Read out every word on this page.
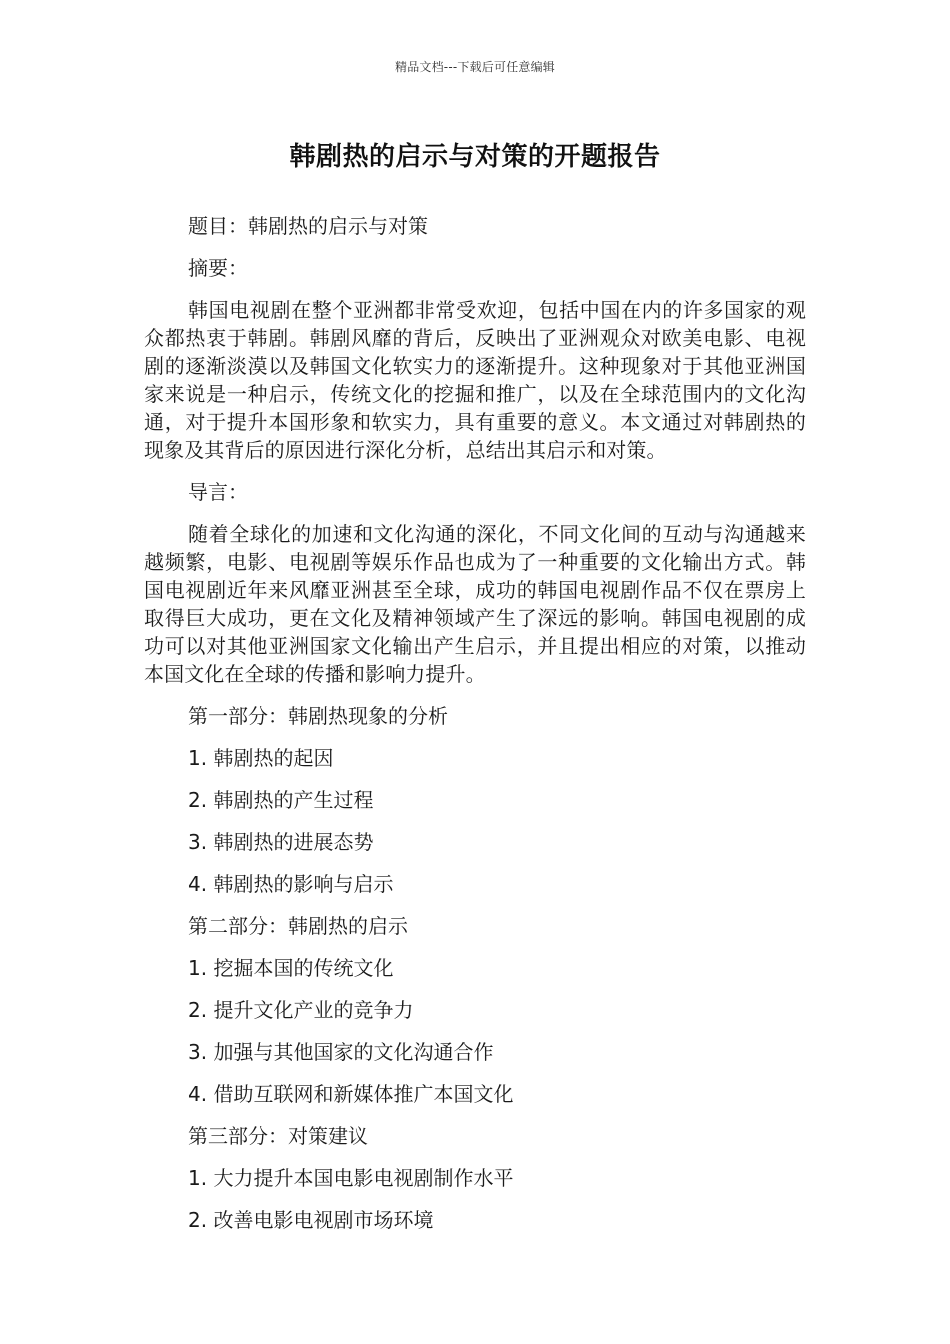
精品文档---下载后可任意编辑
韩剧热的启示与对策的开题报告

题目：韩剧热的启示与对策

摘要：

韩国电视剧在整个亚洲都非常受欢迎，包括中国在内的许多国家的观众都热衷于韩剧。韩剧风靡的背后，反映出了亚洲观众对欧美电影、电视剧的逐渐淡漠以及韩国文化软实力的逐渐提升。这种现象对于其他亚洲国家来说是一种启示，传统文化的挖掘和推广，以及在全球范围内的文化沟通，对于提升本国形象和软实力，具有重要的意义。本文通过对韩剧热的现象及其背后的原因进行深化分析，总结出其启示和对策。

导言：

随着全球化的加速和文化沟通的深化，不同文化间的互动与沟通越来越频繁，电影、电视剧等娱乐作品也成为了一种重要的文化输出方式。韩国电视剧近年来风靡亚洲甚至全球，成功的韩国电视剧作品不仅在票房上取得巨大成功，更在文化及精神领域产生了深远的影响。韩国电视剧的成功可以对其他亚洲国家文化输出产生启示，并且提出相应的对策，以推动本国文化在全球的传播和影响力提升。

第一部分：韩剧热现象的分析

1. 韩剧热的起因

2. 韩剧热的产生过程

3. 韩剧热的进展态势

4. 韩剧热的影响与启示

第二部分：韩剧热的启示

1. 挖掘本国的传统文化

2. 提升文化产业的竞争力

3. 加强与其他国家的文化沟通合作

4. 借助互联网和新媒体推广本国文化

第三部分：对策建议

1. 大力提升本国电影电视剧制作水平

2. 改善电影电视剧市场环境
